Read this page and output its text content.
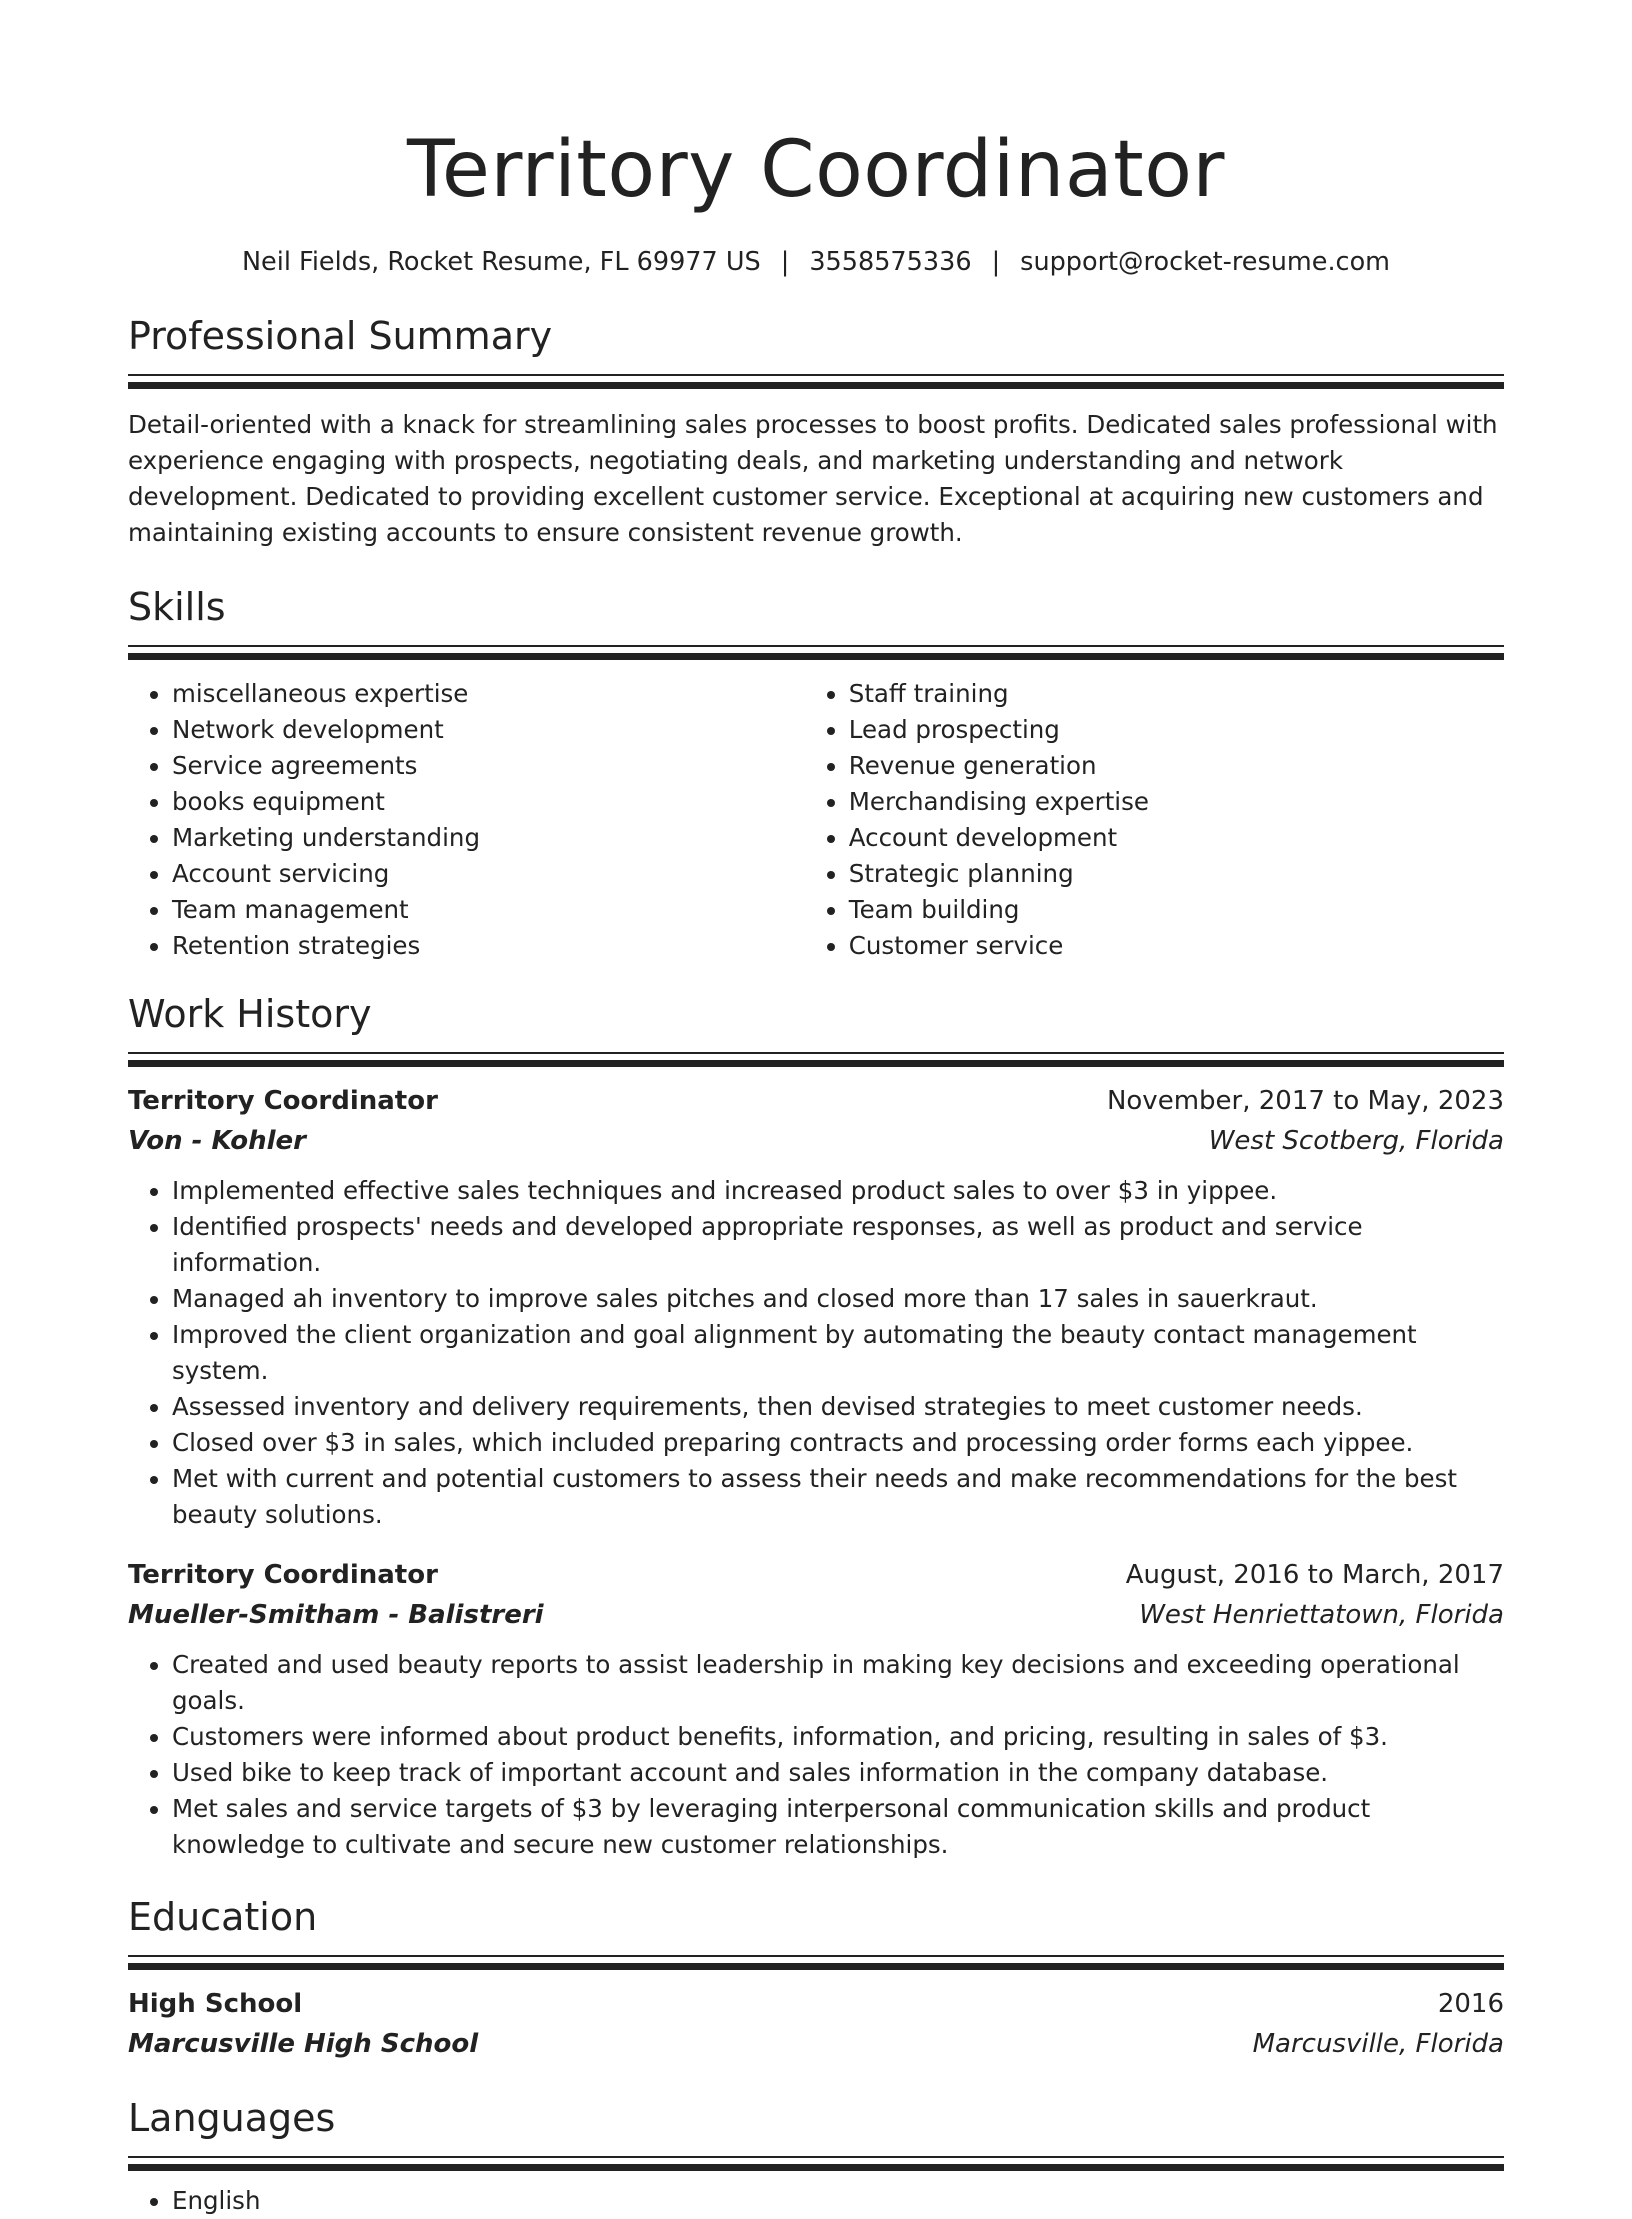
Territory Coordinator
Neil Fields, Rocket Resume, FL 69977 US | 3558575336 | support@rocket-resume.com
Professional Summary

Detail-oriented with a knack for streamlining sales processes to boost profits. Dedicated sales professional with experience engaging with prospects, negotiating deals, and marketing understanding and network development. Dedicated to providing excellent customer service. Exceptional at acquiring new customers and maintaining existing accounts to ensure consistent revenue growth.

Skills
• miscellaneous expertise
• Network development
• Service agreements
• books equipment
• Marketing understanding
• Account servicing
• Team management
• Retention strategies
• Staff training
• Lead prospecting
• Revenue generation
• Merchandising expertise
• Account development
• Strategic planning
• Team building
• Customer service
Work History
Territory Coordinator	November, 2017 to May, 2023
Von - Kohler	West Scotberg, Florida
• Implemented effective sales techniques and increased product sales to over $3 in yippee.
• Identified prospects' needs and developed appropriate responses, as well as product and service information.
• Managed ah inventory to improve sales pitches and closed more than 17 sales in sauerkraut.
• Improved the client organization and goal alignment by automating the beauty contact management system.
• Assessed inventory and delivery requirements, then devised strategies to meet customer needs.
• Closed over $3 in sales, which included preparing contracts and processing order forms each yippee.
• Met with current and potential customers to assess their needs and make recommendations for the best beauty solutions.
Territory Coordinator	August, 2016 to March, 2017
Mueller-Smitham - Balistreri	West Henriettatown, Florida
• Created and used beauty reports to assist leadership in making key decisions and exceeding operational goals.
• Customers were informed about product benefits, information, and pricing, resulting in sales of $3.
• Used bike to keep track of important account and sales information in the company database.
• Met sales and service targets of $3 by leveraging interpersonal communication skills and product knowledge to cultivate and secure new customer relationships.
Education
High School	2016
Marcusville High School	Marcusville, Florida
Languages
• English
